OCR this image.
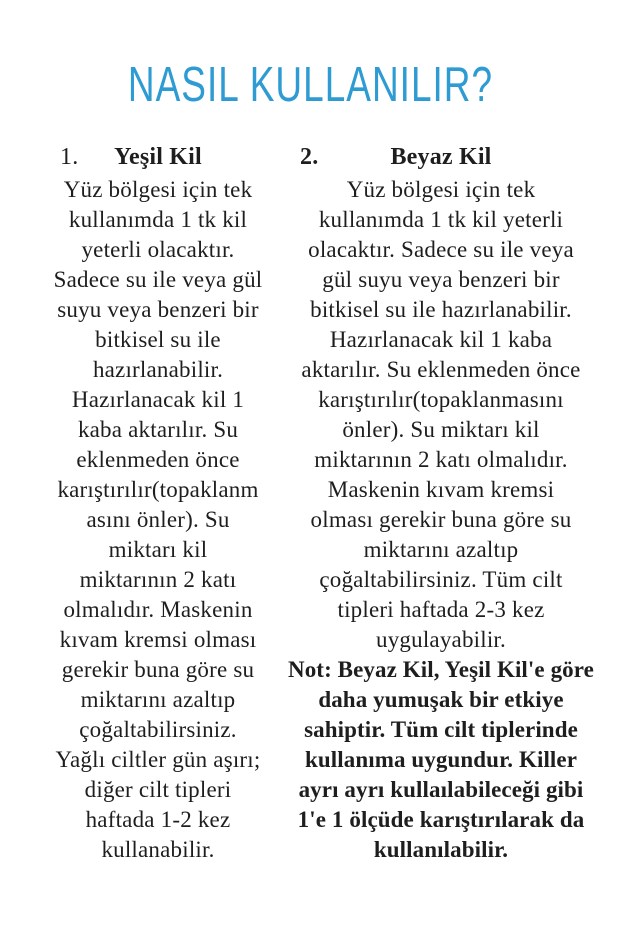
NASIL KULLANILIR?
1. Yeşil Kil

Yüz bölgesi için tek
kullanımda 1 tk kil
yeterli olacaktır.
Sadece su ile veya gül
suyu veya benzeri bir
bitkisel su ile
hazırlanabilir.
Hazırlanacak kil 1
kaba aktarılır. Su
eklenmeden önce
karıştırılır(topaklanm
asını önler). Su
miktarı kil
miktarının 2 katı
olmalıdır. Maskenin
kıvam kremsi olması
gerekir buna göre su
miktarını azaltıp
çoğaltabilirsiniz.
Yağlı ciltler gün aşırı;
diğer cilt tipleri
haftada 1-2 kez
kullanabilir.

2.	Beyaz Kil

Yüz bölgesi için tek
kullanımda 1 tk kil yeterli
olacaktır. Sadece su ile veya
gül suyu veya benzeri bir
bitkisel su ile hazırlanabilir.
Hazırlanacak kil 1 kaba
aktarılır. Su eklenmeden önce
karıştırılır(topaklanmasını
önler). Su miktarı kil
miktarının 2 katı olmalıdır.
Maskenin kıvam kremsi
olması gerekir buna göre su
miktarını azaltıp
çoğaltabilirsiniz. Tüm cilt
tipleri haftada 2-3 kez
uygulayabilir.

Not: Beyaz Kil, Yeşil Kil'e göre
daha yumuşak bir etkiye
sahiptir. Tüm cilt tiplerinde
kullanıma uygundur. Killer
ayrı ayrı kullaılabileceği gibi
1'e 1 ölçüde karıştırılarak da
kullanılabilir.
